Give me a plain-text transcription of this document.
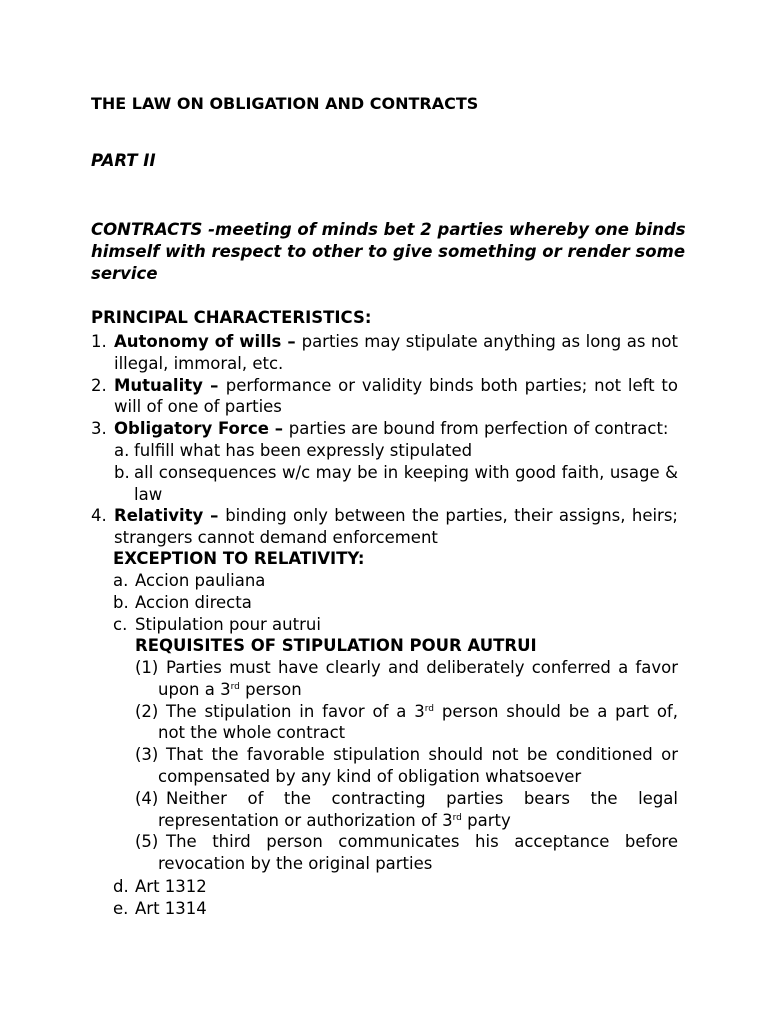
THE LAW ON OBLIGATION AND CONTRACTS
PART II
CONTRACTS -meeting of minds bet 2 parties whereby one binds himself with respect to other to give something or render some service
PRINCIPAL CHARACTERISTICS:
1. Autonomy of wills – parties may stipulate anything as long as not illegal, immoral, etc.
2. Mutuality – performance or validity binds both parties; not left to will of one of parties
3. Obligatory Force – parties are bound from perfection of contract:
a. fulfill what has been expressly stipulated
b. all consequences w/c may be in keeping with good faith, usage & law
4. Relativity – binding only between the parties, their assigns, heirs; strangers cannot demand enforcement
EXCEPTION TO RELATIVITY:
a. Accion pauliana
b. Accion directa
c. Stipulation pour autrui
REQUISITES OF STIPULATION POUR AUTRUI
(1) Parties must have clearly and deliberately conferred a favor upon a 3rd person
(2) The stipulation in favor of a 3rd person should be a part of, not the whole contract
(3) That the favorable stipulation should not be conditioned or compensated by any kind of obligation whatsoever
(4) Neither of the contracting parties bears the legal representation or authorization of 3rd party
(5) The third person communicates his acceptance before revocation by the original parties
d. Art 1312
e. Art 1314
